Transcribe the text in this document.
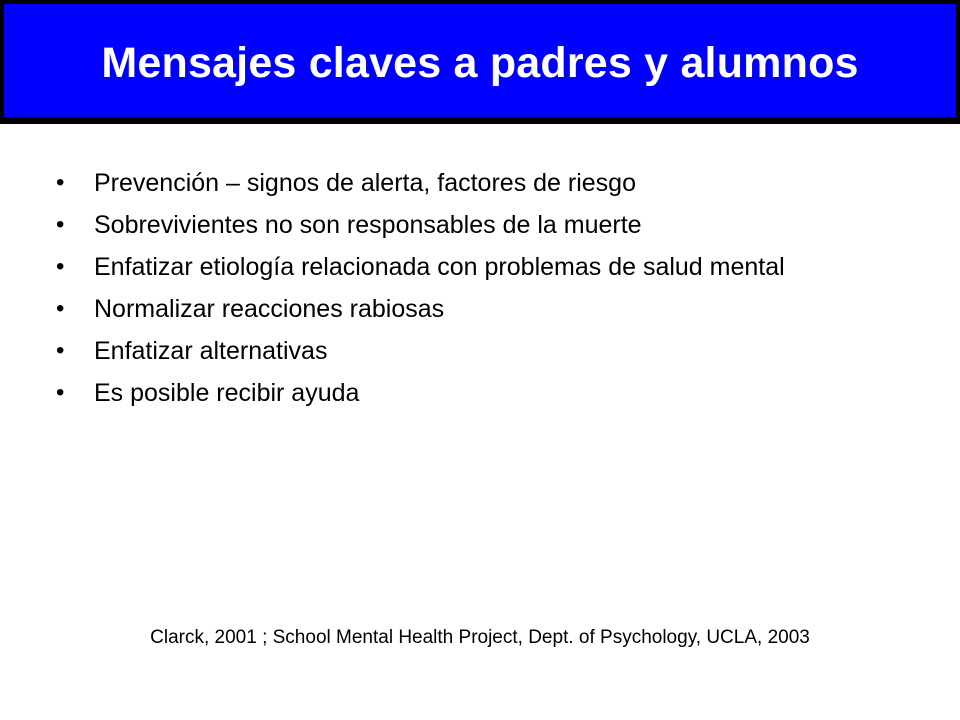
Mensajes claves a padres y alumnos
•	Prevención – signos de alerta, factores de riesgo
•	Sobrevivientes no son responsables de la muerte
•	Enfatizar etiología relacionada con problemas de salud mental
•	Normalizar reacciones rabiosas
•	Enfatizar alternativas
•	Es posible recibir ayuda
Clarck, 2001 ; School Mental Health Project, Dept. of Psychology, UCLA, 2003
